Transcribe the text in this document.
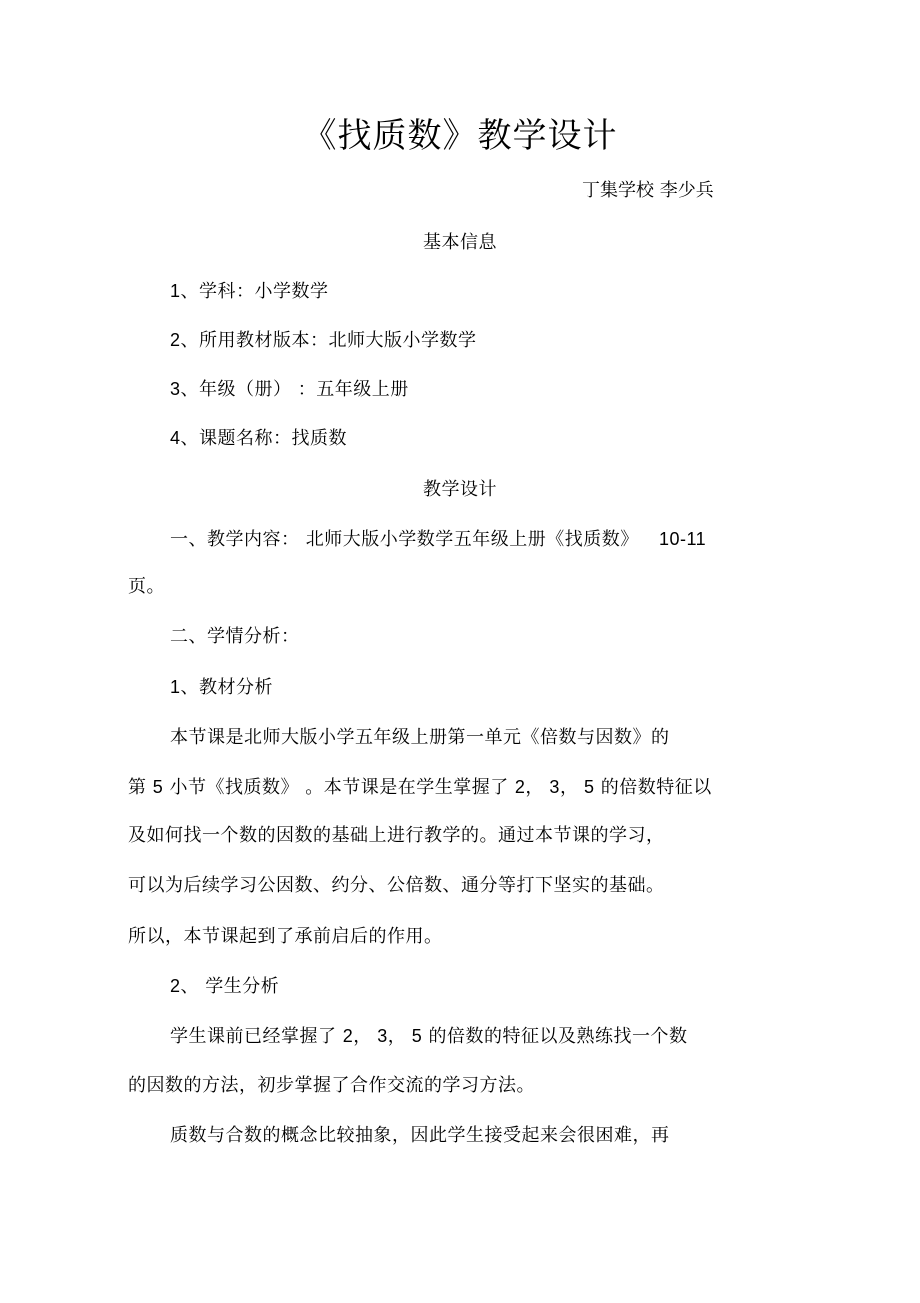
《找质数》教学设计
丁集学校 李少兵
基本信息
1、学科：小学数学
2、所用教材版本：北师大版小学数学
3、年级（册） ：五年级上册
4、课题名称：找质数
教学设计
一、教学内容： 北师大版小学数学五年级上册《找质数》 10-11
页。
二、学情分析：
1、教材分析
本节课是北师大版小学五年级上册第一单元《倍数与因数》的
第 5 小节《找质数》 。本节课是在学生掌握了 2， 3， 5 的倍数特征以
及如何找一个数的因数的基础上进行教学的。通过本节课的学习，
可以为后续学习公因数、约分、公倍数、通分等打下坚实的基础。
所以，本节课起到了承前启后的作用。
2、 学生分析
学生课前已经掌握了 2， 3， 5 的倍数的特征以及熟练找一个数
的因数的方法，初步掌握了合作交流的学习方法。
质数与合数的概念比较抽象，因此学生接受起来会很困难，再
